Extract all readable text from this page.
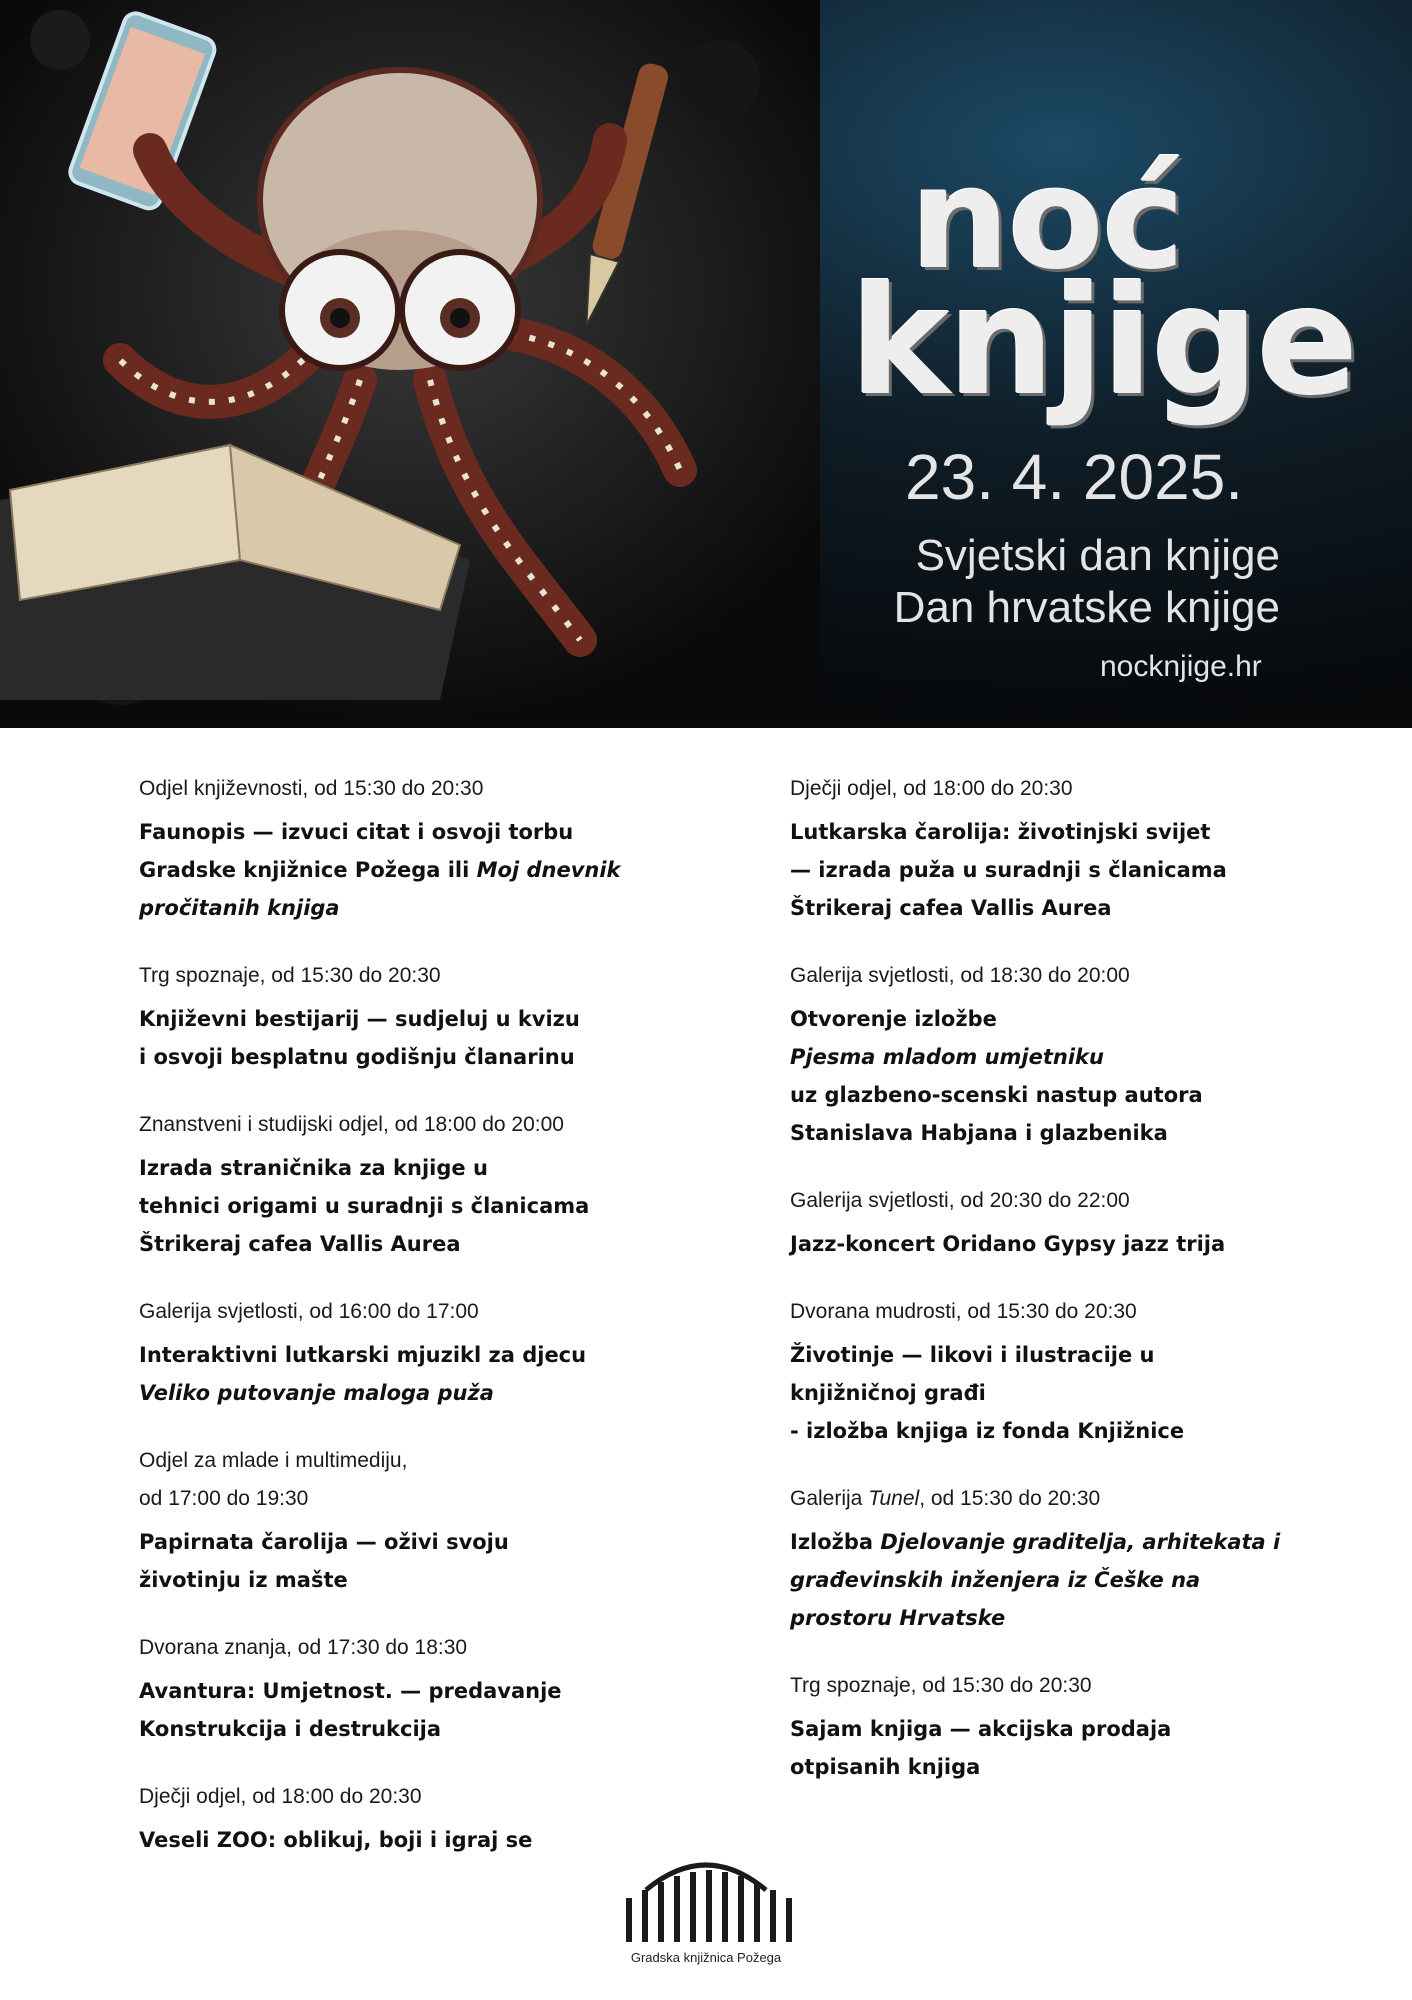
noć
knjige
23. 4. 2025.
Svjetski dan knjige
Dan hrvatske knjige
nocknjige.hr
Odjel književnosti, od 15:30 do 20:30
Faunopis — izvuci citat i osvoji torbu
Gradske knjižnice Požega ili Moj dnevnik
pročitanih knjiga
Trg spoznaje, od 15:30 do 20:30
Književni bestijarij — sudjeluj u kvizu
i osvoji besplatnu godišnju članarinu
Znanstveni i studijski odjel, od 18:00 do 20:00
Izrada straničnika za knjige u
tehnici origami u suradnji s članicama
Štrikeraj cafea Vallis Aurea
Galerija svjetlosti, od 16:00 do 17:00
Interaktivni lutkarski mjuzikl za djecu
Veliko putovanje maloga puža
Odjel za mlade i multimediju,
od 17:00 do 19:30
Papirnata čarolija — oživi svoju
životinju iz mašte
Dvorana znanja, od 17:30 do 18:30
Avantura: Umjetnost. — predavanje
Konstrukcija i destrukcija
Dječji odjel, od 18:00 do 20:30
Veseli ZOO: oblikuj, boji i igraj se
Dječji odjel, od 18:00 do 20:30
Lutkarska čarolija: životinjski svijet
— izrada puža u suradnji s članicama
Štrikeraj cafea Vallis Aurea
Galerija svjetlosti, od 18:30 do 20:00
Otvorenje izložbe
Pjesma mladom umjetniku
uz glazbeno-scenski nastup autora
Stanislava Habjana i glazbenika
Galerija svjetlosti, od 20:30 do 22:00
Jazz-koncert Oridano Gypsy jazz trija
Dvorana mudrosti, od 15:30 do 20:30
Životinje — likovi i ilustracije u
knjižničnoj građi
- izložba knjiga iz fonda Knjižnice
Galerija Tunel, od 15:30 do 20:30
Izložba Djelovanje graditelja, arhitekata i
građevinskih inženjera iz Češke na
prostoru Hrvatske
Trg spoznaje, od 15:30 do 20:30
Sajam knjiga — akcijska prodaja
otpisanih knjiga
Gradska knjižnica Požega
